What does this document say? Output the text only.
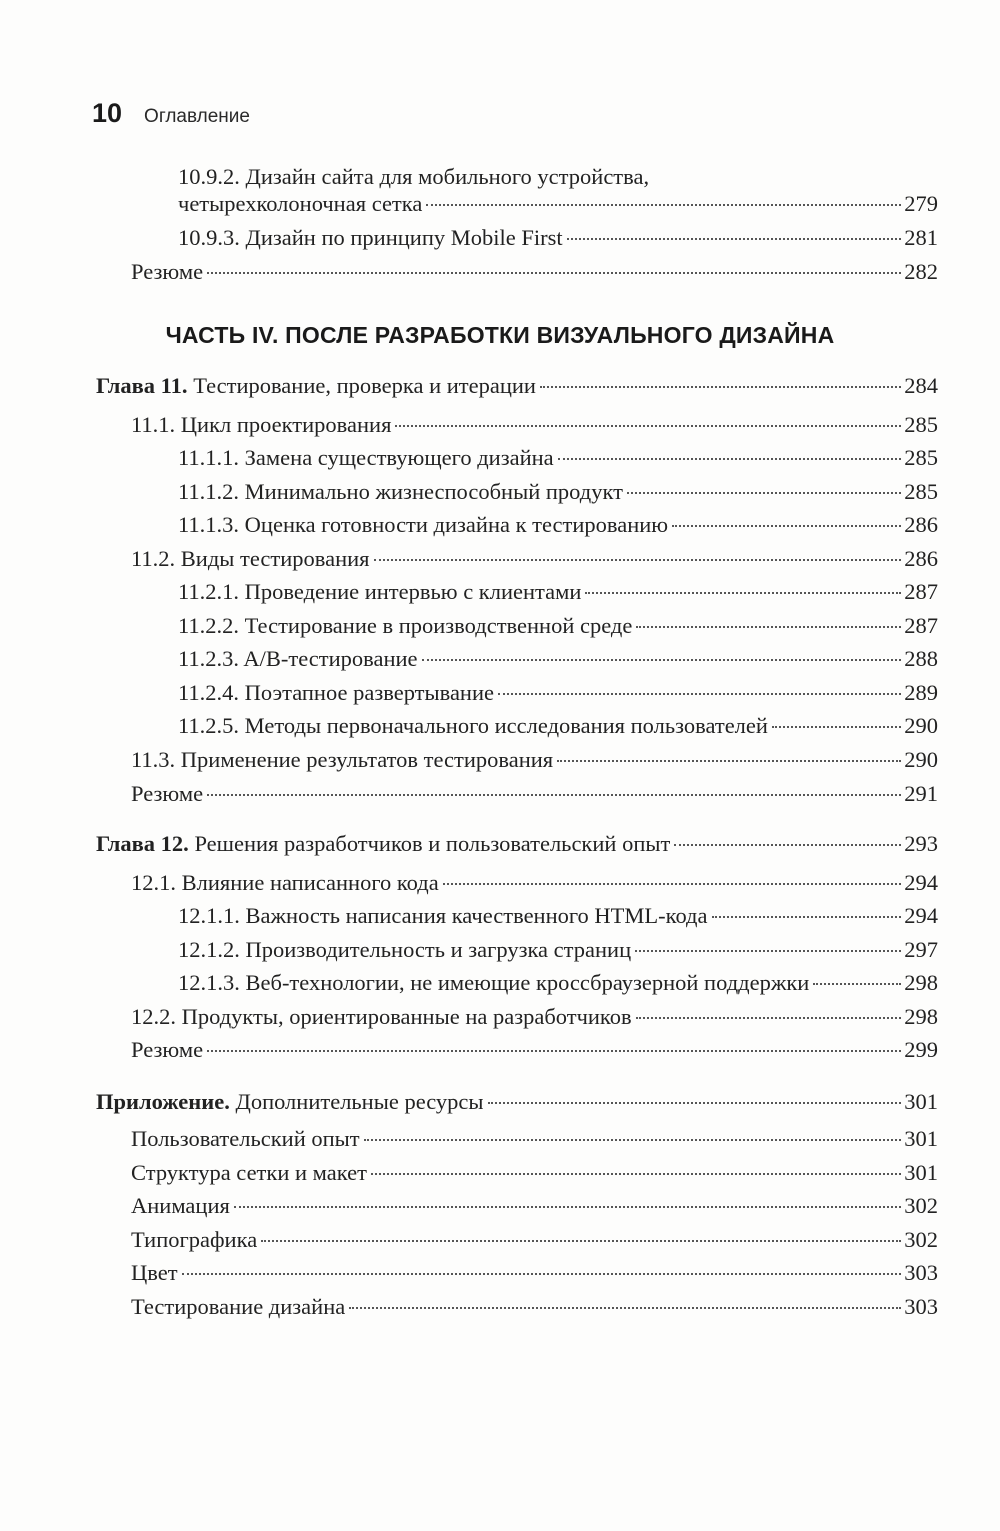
10 Оглавление
10.9.2. Дизайн сайта для мобильного устройства,
четырехколоночная сетка	279
10.9.3. Дизайн по принципу Mobile First	281
Резюме	282
ЧАСТЬ IV. ПОСЛЕ РАЗРАБОТКИ ВИЗУАЛЬНОГО ДИЗАЙНА
Глава 11. Тестирование, проверка и итерации	284
11.1. Цикл проектирования	285
11.1.1. Замена существующего дизайна	285
11.1.2. Минимально жизнеспособный продукт	285
11.1.3. Оценка готовности дизайна к тестированию	286
11.2. Виды тестирования	286
11.2.1. Проведение интервью с клиентами	287
11.2.2. Тестирование в производственной среде	287
11.2.3. A/B-тестирование	288
11.2.4. Поэтапное развертывание	289
11.2.5. Методы первоначального исследования пользователей	290
11.3. Применение результатов тестирования	290
Резюме	291
Глава 12. Решения разработчиков и пользовательский опыт	293
12.1. Влияние написанного кода	294
12.1.1. Важность написания качественного HTML-кода	294
12.1.2. Производительность и загрузка страниц	297
12.1.3. Веб-технологии, не имеющие кроссбраузерной поддержки	298
12.2. Продукты, ориентированные на разработчиков	298
Резюме	299
Приложение. Дополнительные ресурсы	301
Пользовательский опыт	301
Структура сетки и макет	301
Анимация	302
Типографика	302
Цвет	303
Тестирование дизайна	303
